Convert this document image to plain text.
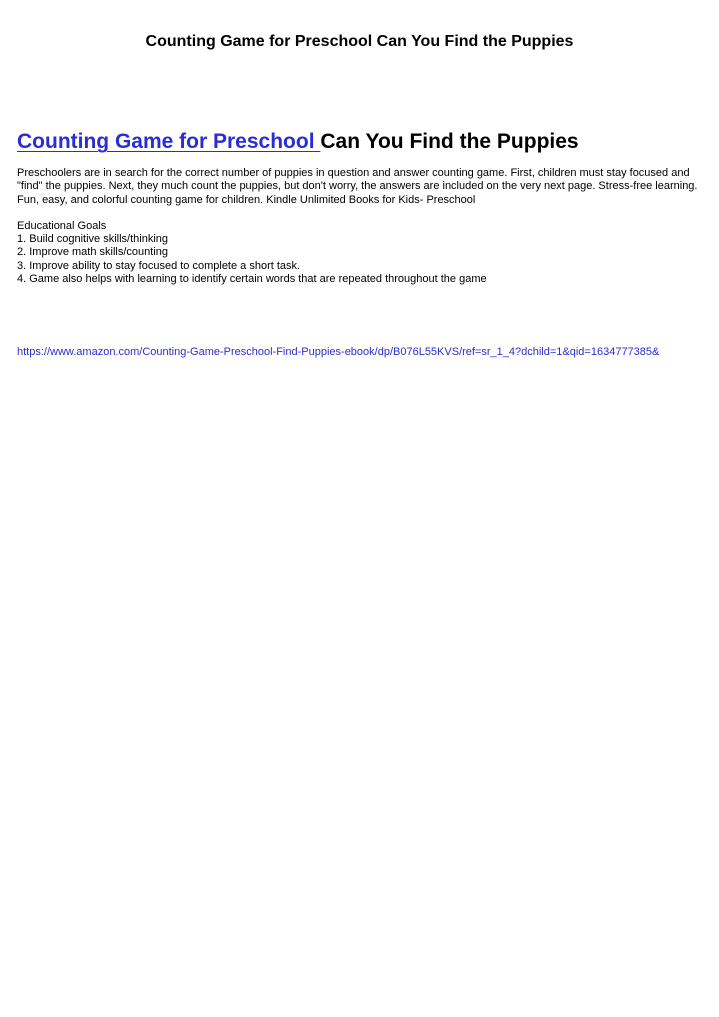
Counting Game for Preschool Can You Find the Puppies
Counting Game for Preschool Can You Find the Puppies

Preschoolers are in search for the correct number of puppies in question and answer counting game. First, children must stay focused and "find" the puppies. Next, they much count the puppies, but don't worry, the answers are included on the very next page. Stress-free learning. Fun, easy, and colorful counting game for children. Kindle Unlimited Books for Kids- Preschool

Educational Goals
1. Build cognitive skills/thinking
2. Improve math skills/counting
3. Improve ability to stay focused to complete a short task.
4. Game also helps with learning to identify certain words that are repeated throughout the game
https://www.amazon.com/Counting-Game-Preschool-Find-Puppies-ebook/dp/B076L55KVS/ref=sr_1_4?dchild=1&qid=1634777385&
